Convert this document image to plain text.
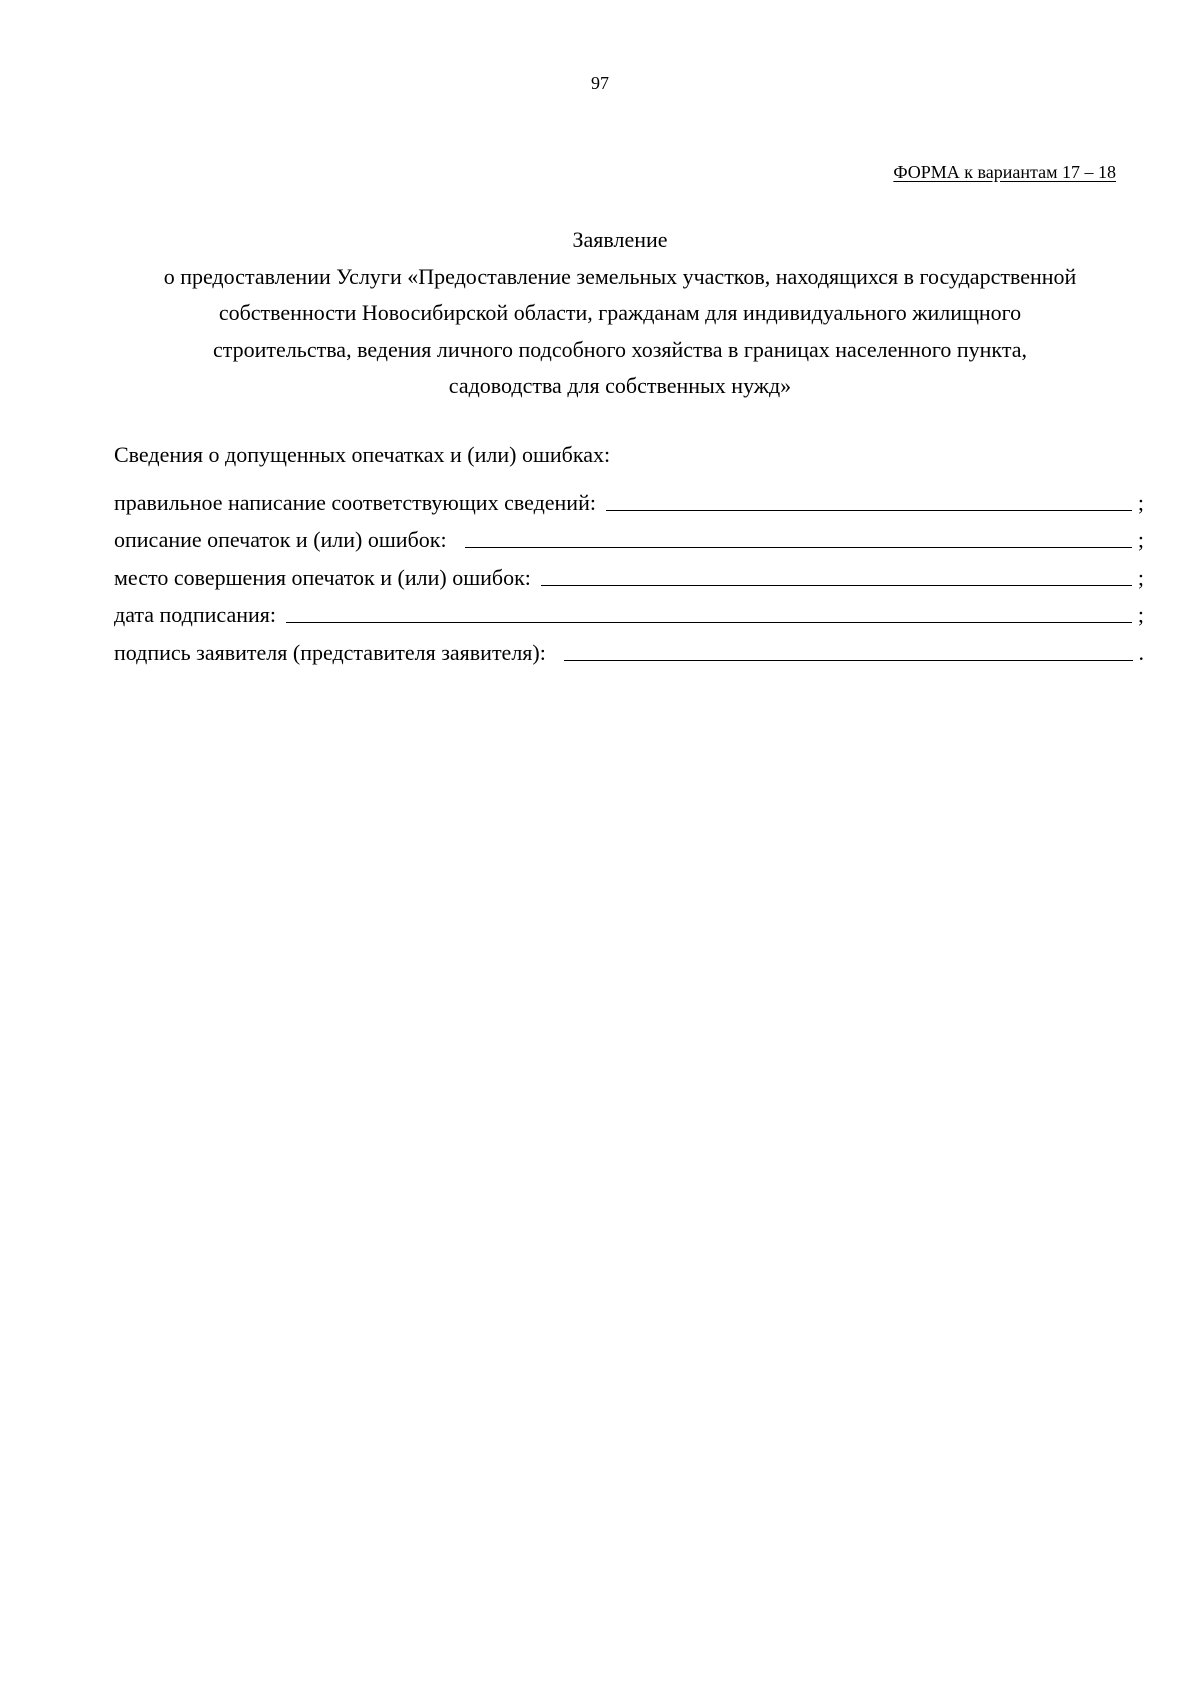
97
ФОРМА к вариантам 17 – 18
Заявление
о предоставлении Услуги «Предоставление земельных участков, находящихся в государственной
собственности Новосибирской области, гражданам для индивидуального жилищного
строительства, ведения личного подсобного хозяйства в границах населенного пункта,
садоводства для собственных нужд»
Сведения о допущенных опечатках и (или) ошибках:
правильное написание соответствующих сведений:	;
описание опечаток и (или) ошибок:	;
место совершения опечаток и (или) ошибок:	;
дата подписания:	;
подпись заявителя (представителя заявителя):	.
